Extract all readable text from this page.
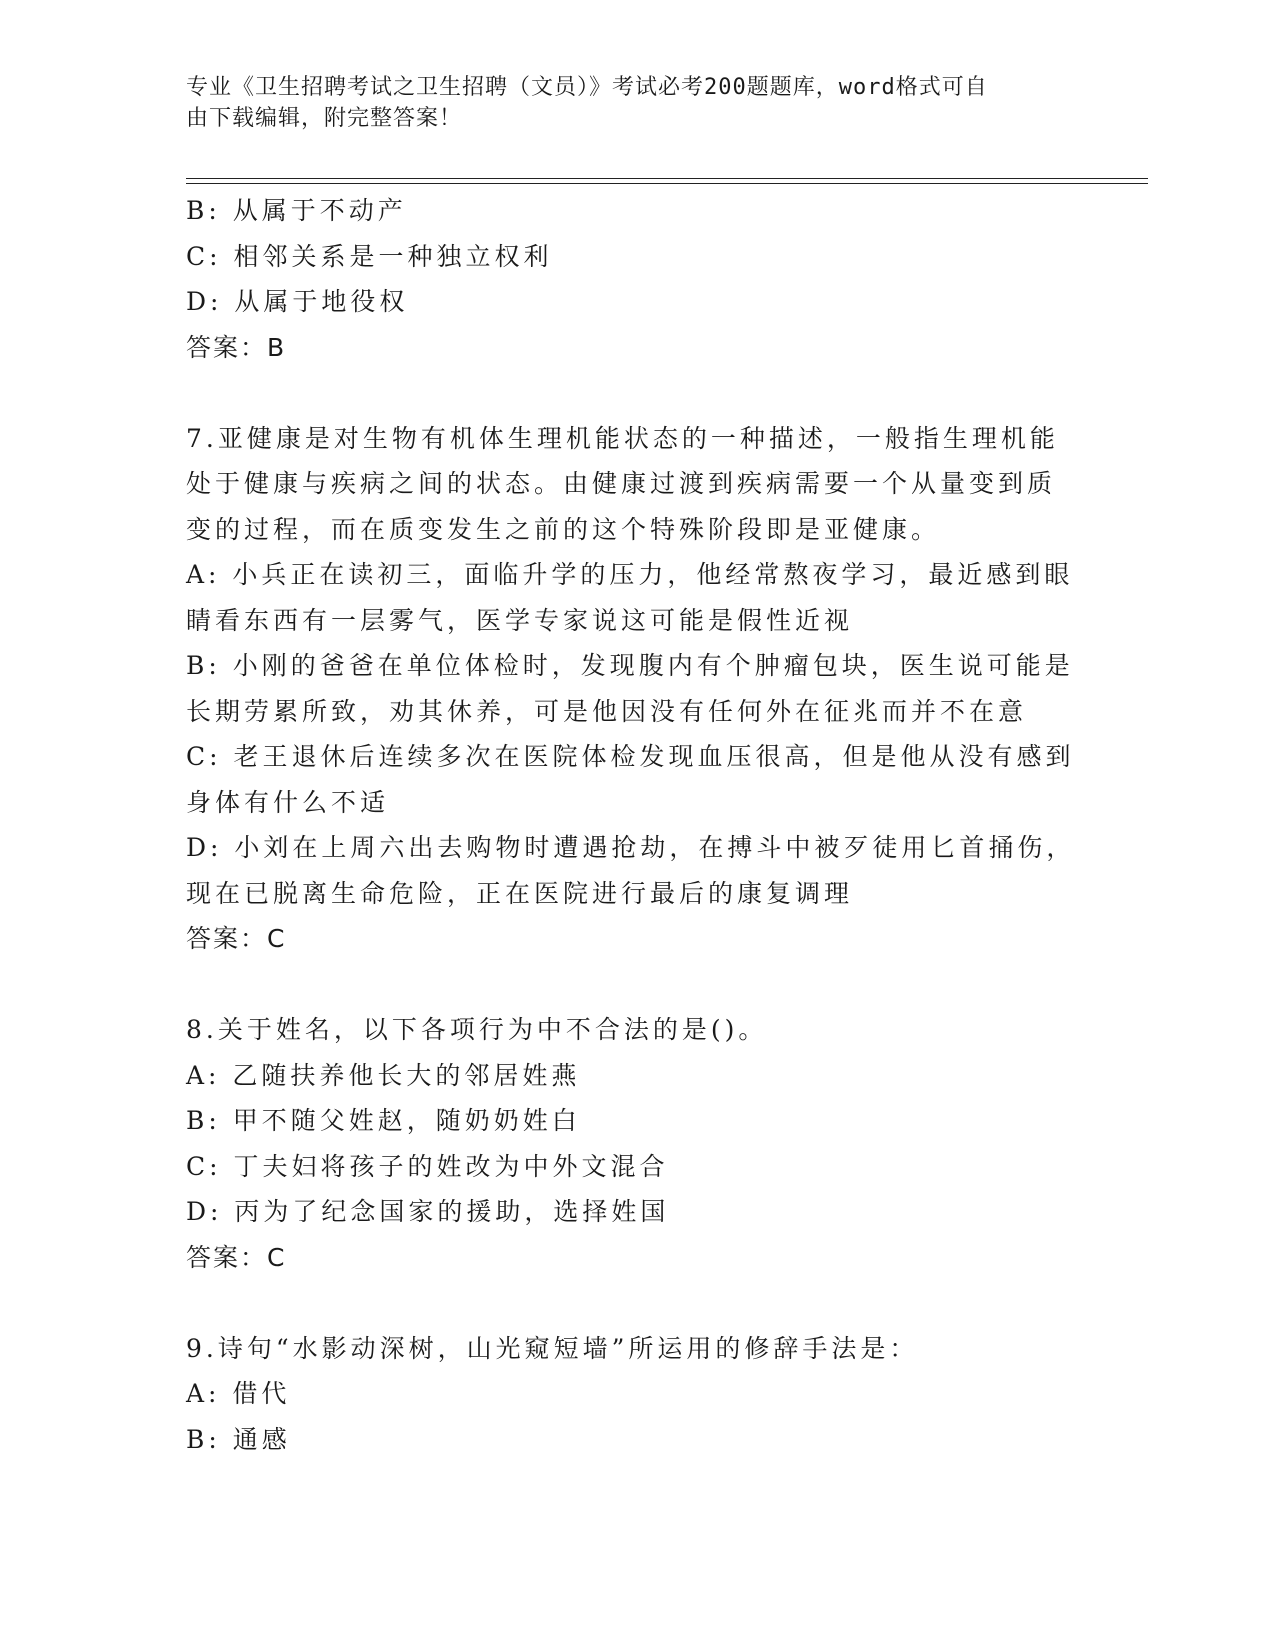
专业《卫生招聘考试之卫生招聘（文员）》考试必考200题题库，word格式可自
由下载编辑，附完整答案！
B: 从属于不动产
C: 相邻关系是一种独立权利
D: 从属于地役权
答案：B
7.亚健康是对生物有机体生理机能状态的一种描述，一般指生理机能
处于健康与疾病之间的状态。由健康过渡到疾病需要一个从量变到质
变的过程，而在质变发生之前的这个特殊阶段即是亚健康。
A: 小兵正在读初三，面临升学的压力，他经常熬夜学习，最近感到眼
睛看东西有一层雾气，医学专家说这可能是假性近视
B: 小刚的爸爸在单位体检时，发现腹内有个肿瘤包块，医生说可能是
长期劳累所致，劝其休养，可是他因没有任何外在征兆而并不在意
C: 老王退休后连续多次在医院体检发现血压很高，但是他从没有感到
身体有什么不适
D: 小刘在上周六出去购物时遭遇抢劫，在搏斗中被歹徒用匕首捅伤，
现在已脱离生命危险，正在医院进行最后的康复调理
答案：C
8.关于姓名，以下各项行为中不合法的是()。
A: 乙随扶养他长大的邻居姓燕
B: 甲不随父姓赵，随奶奶姓白
C: 丁夫妇将孩子的姓改为中外文混合
D: 丙为了纪念国家的援助，选择姓国
答案：C
9.诗句“水影动深树，山光窥短墙”所运用的修辞手法是：
A: 借代
B: 通感
